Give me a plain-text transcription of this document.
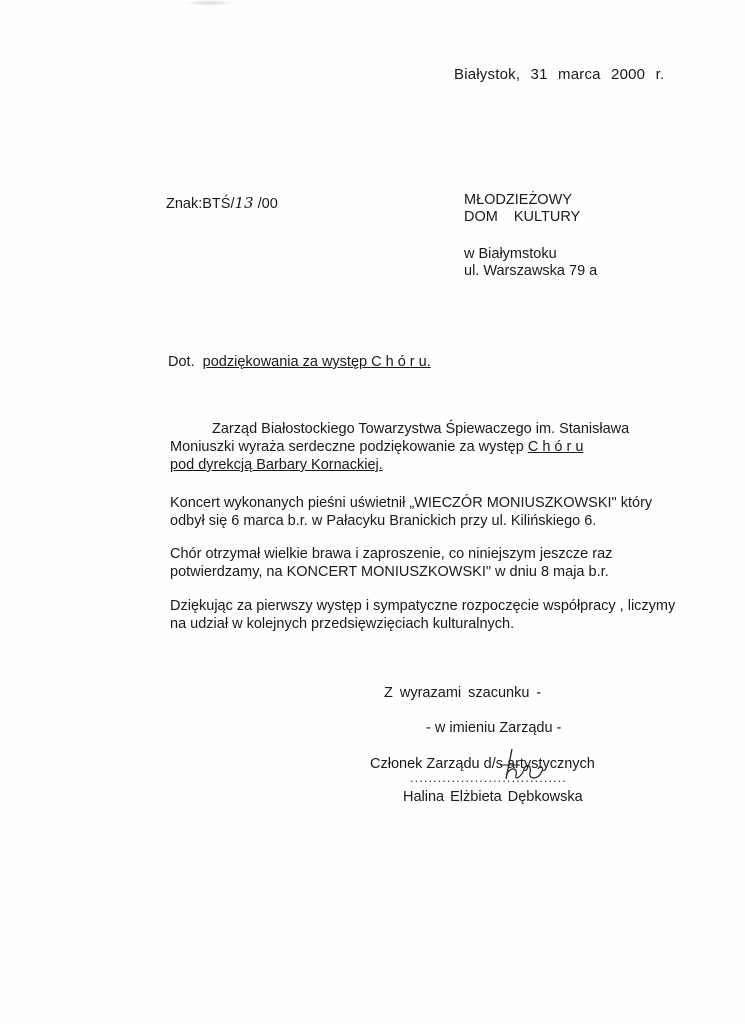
Białystok, 31 marca 2000 r.
Znak:BTŚ/13 /00	MŁODZIEŻOWY
DOM KULTURY
w Białymstoku
ul. Warszawska 79 a
Dot. podziękowania za występ C h ó r u.
Zarząd Białostockiego Towarzystwa Śpiewaczego im. Stanisława Moniuszki wyraża serdeczne podziękowanie za występ C h ó r u
pod dyrekcją Barbary Kornackiej.
Koncert wykonanych pieśni uświetnił „WIECZÓR MONIUSZKOWSKI" który odbył się 6 marca b.r. w Pałacyku Branickich przy ul. Kilińskiego 6.
Chór otrzymał wielkie brawa i zaproszenie, co niniejszym jeszcze raz potwierdzamy, na KONCERT MONIUSZKOWSKI" w dniu 8 maja b.r.
Dziękując za pierwszy występ i sympatyczne rozpoczęcie współpracy , liczymy na udział w kolejnych przedsięwzięciach kulturalnych.
Z wyrazami szacunku -
- w imieniu Zarządu -
Członek Zarządu d/s artystycznych
..................................
Halina Elżbieta Dębkowska
